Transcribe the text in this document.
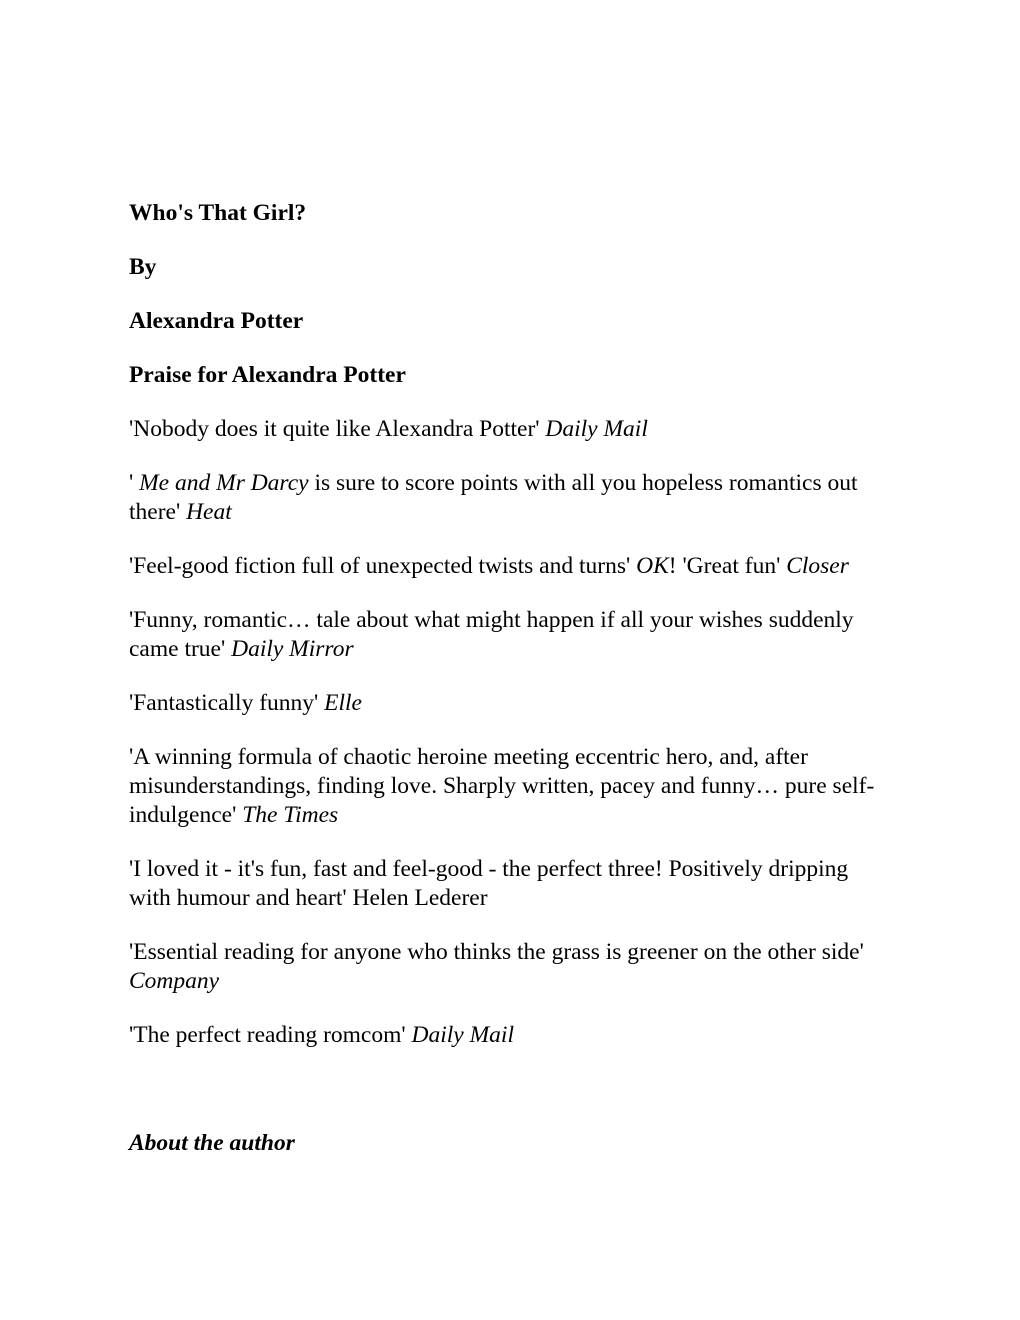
Who's That Girl?
By
Alexandra Potter
Praise for Alexandra Potter
'Nobody does it quite like Alexandra Potter' Daily Mail
' Me and Mr Darcy is sure to score points with all you hopeless romantics out there' Heat
'Feel-good fiction full of unexpected twists and turns' OK! 'Great fun' Closer
'Funny, romantic… tale about what might happen if all your wishes suddenly came true' Daily Mirror
'Fantastically funny' Elle
'A winning formula of chaotic heroine meeting eccentric hero, and, after misunderstandings, finding love. Sharply written, pacey and funny… pure self-indulgence' The Times
'I loved it - it's fun, fast and feel-good - the perfect three! Positively dripping with humour and heart' Helen Lederer
'Essential reading for anyone who thinks the grass is greener on the other side' Company
'The perfect reading romcom' Daily Mail
About the author
